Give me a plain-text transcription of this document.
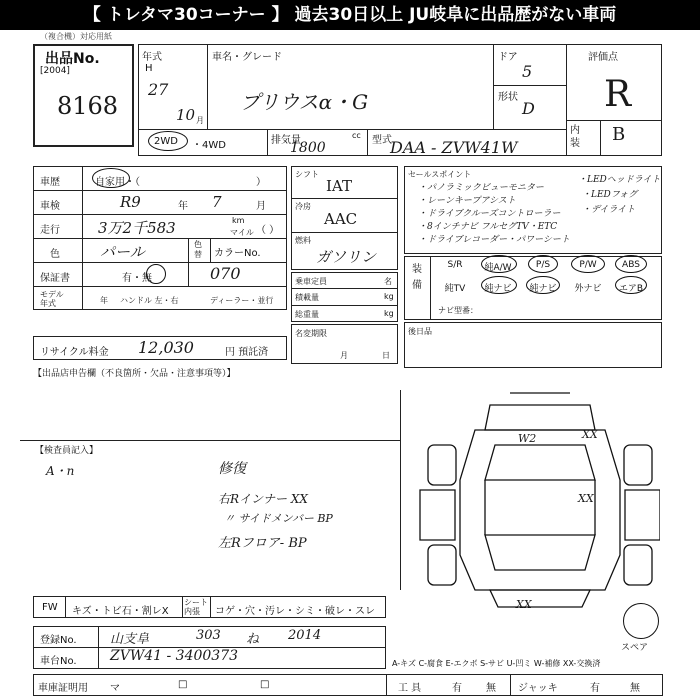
【 トレタマ30コーナー 】 過去30日以上 JU岐阜に出品歴がない車両
（複合機）対応用紙
出品No.
[2004]
8168
年式
H
27
10 月
車名・グレード
プリウスα・G
ドア
5
形状
D
評価点
R
内装 B
2WD ・4WD	排気量	cc
1800	型式
DAA - ZVW41W
車歴	自家用・（	）
車検	R9	年 7	月
走行	3万2千583	km
マイル （ ）
色	パール	色替	カラーNo.
070
保証書	有・無
モデル年式	年 ハンドル 左・右	ディーラー・並行
リサイクル料金 12,030	円 預託済
【出品店申告欄（不良箇所・欠品・注意事項等）】
シフト
IAT
冷房
AAC
燃料
ガソリン
乗車定員	名
積載量	kg
総重量	kg
名変期限
月	日
セールスポイント
・パノラミックビューモニター
・レーンキープアシスト
・ドライブクルーズコントローラー
・8インチナビ フルセグTV・ETC
・ドライブレコーダー・パワーシート
・LEDヘッドライト
・LEDフォグ
・デイライト
装備
S/R	純A/W	P/S	P/W	ABS
純TV	純ナビ	純ナビ	外ナビ	エアB
ナビ型番：
後日品
【検査員記入】
A・n	修復
右Rインナー XX
〃 サイドメンバー BP
左Rフロア- BP
W2	XX
XX
XX
スペア
FW キズ・トビ石・割レX
シート内張	コゲ・穴・汚レ・シミ・破レ・スレ
登録No.	山支阜	303 ね 2014
車台No. ZVW41 - 3400373	A-キズ C-腐食 E-エクボ S-サビ U-凹ミ W-補修 XX-交換済
車庫証明用 マ	□	□	工 具	有 無 ジャッキ	有	無
